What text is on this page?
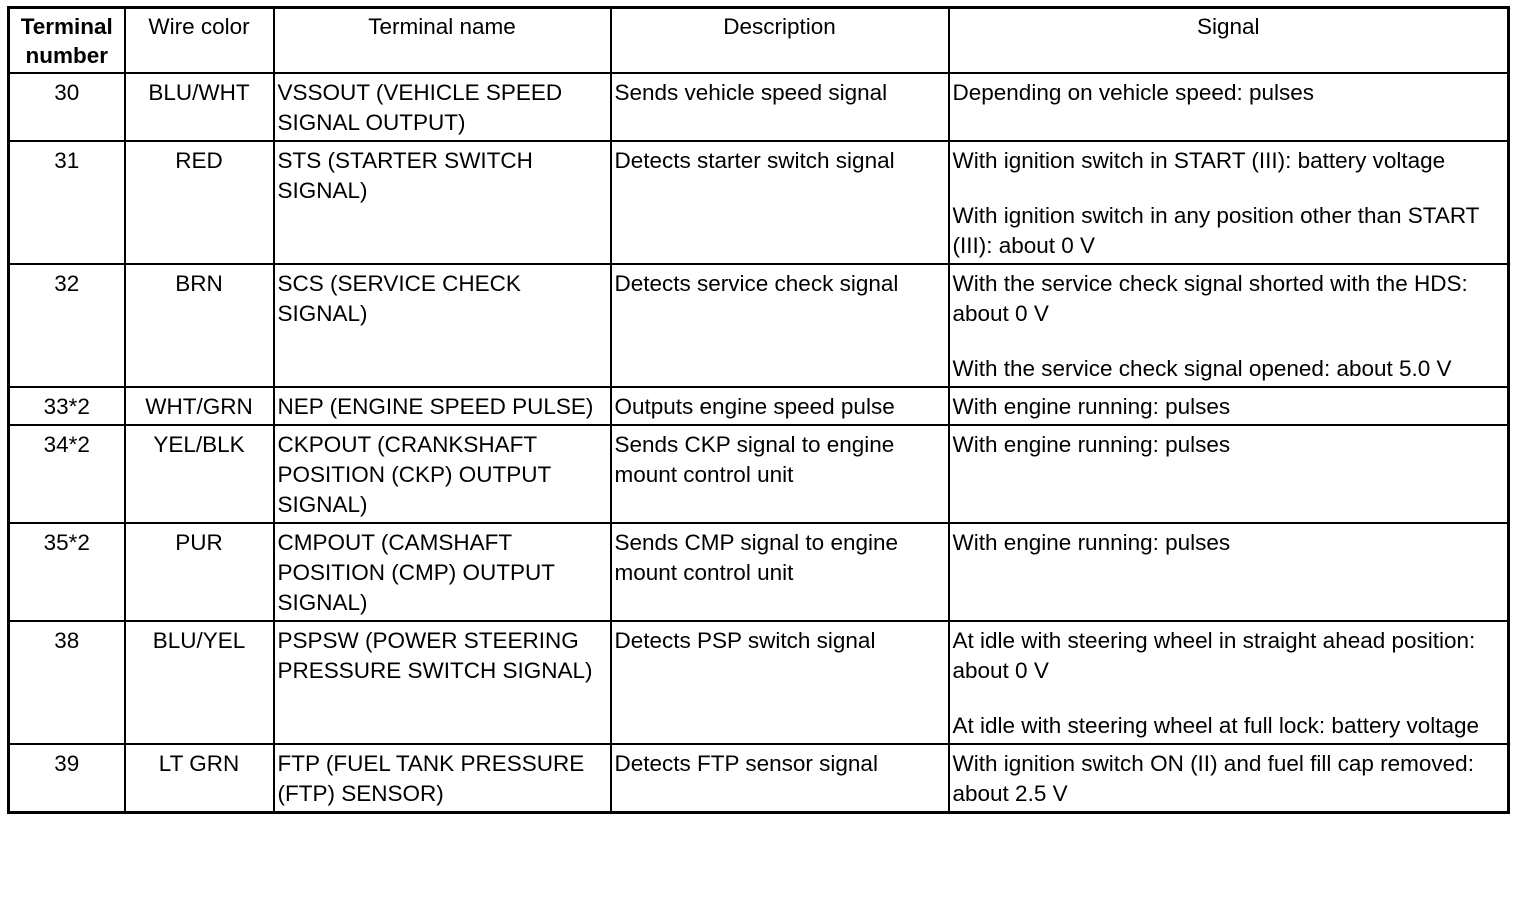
Terminal number	Wire color	Terminal name	Description	Signal
30	BLU/WHT	VSSOUT (VEHICLE SPEED SIGNAL OUTPUT)	Sends vehicle speed signal	Depending on vehicle speed: pulses

31	RED	STS (STARTER SWITCH SIGNAL)	Detects starter switch signal	With ignition switch in START (III): battery voltage
With ignition switch in any position other than START (III): about 0 V

32	BRN	SCS (SERVICE CHECK SIGNAL)	Detects service check signal	With the service check signal shorted with the HDS: about 0 V
With the service check signal opened: about 5.0 V

33*2	WHT/GRN	NEP (ENGINE SPEED PULSE)	Outputs engine speed pulse	With engine running: pulses

34*2	YEL/BLK	CKPOUT (CRANKSHAFT POSITION (CKP) OUTPUT SIGNAL)	Sends CKP signal to engine mount control unit	With engine running: pulses

35*2	PUR	CMPOUT (CAMSHAFT POSITION (CMP) OUTPUT SIGNAL)	Sends CMP signal to engine mount control unit	With engine running: pulses

38	BLU/YEL	PSPSW (POWER STEERING PRESSURE SWITCH SIGNAL)	Detects PSP switch signal	At idle with steering wheel in straight ahead position: about 0 V
At idle with steering wheel at full lock: battery voltage

39	LT GRN	FTP (FUEL TANK PRESSURE (FTP) SENSOR)	Detects FTP sensor signal	With ignition switch ON (II) and fuel fill cap removed: about 2.5 V
